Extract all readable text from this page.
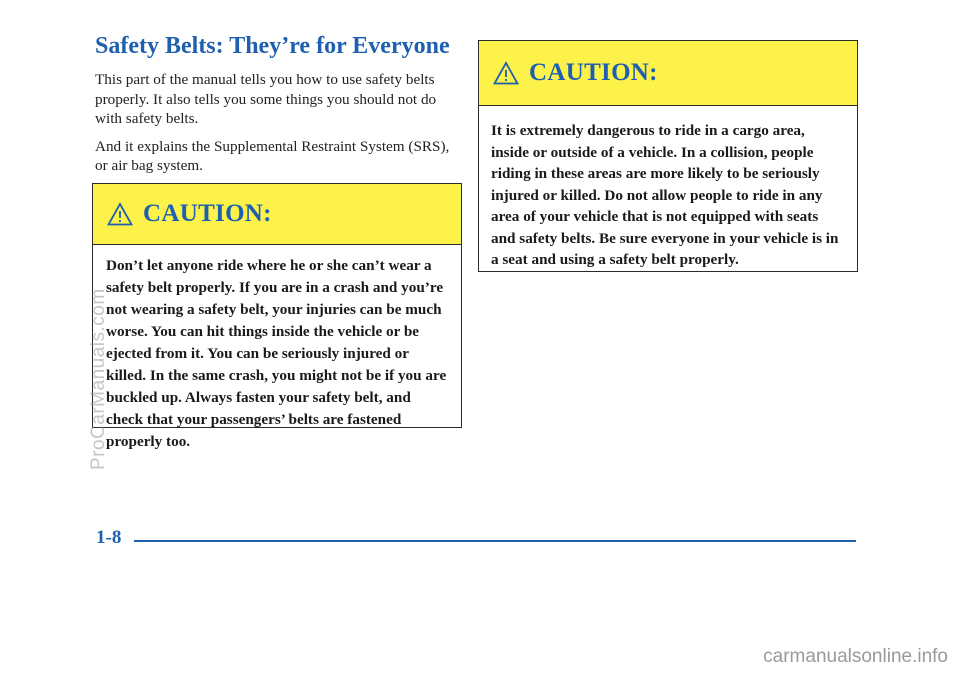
Safety Belts: They’re for Everyone

This part of the manual tells you how to use safety belts properly. It also tells you some things you should not do with safety belts.

And it explains the Supplemental Restraint System (SRS), or air bag system.

CAUTION:
Don’t let anyone ride where he or she can’t wear a safety belt properly. If you are in a crash and you’re not wearing a safety belt, your injuries can be much worse. You can hit things inside the vehicle or be ejected from it. You can be seriously injured or killed. In the same crash, you might not be if you are buckled up. Always fasten your safety belt, and check that your passengers’ belts are fastened properly too.
CAUTION:
It is extremely dangerous to ride in a cargo area, inside or outside of a vehicle. In a collision, people riding in these areas are more likely to be seriously injured or killed. Do not allow people to ride in any area of your vehicle that is not equipped with seats and safety belts. Be sure everyone in your vehicle is in a seat and using a safety belt properly.
1-8
ProCarManuals.com
carmanualsonline.info
